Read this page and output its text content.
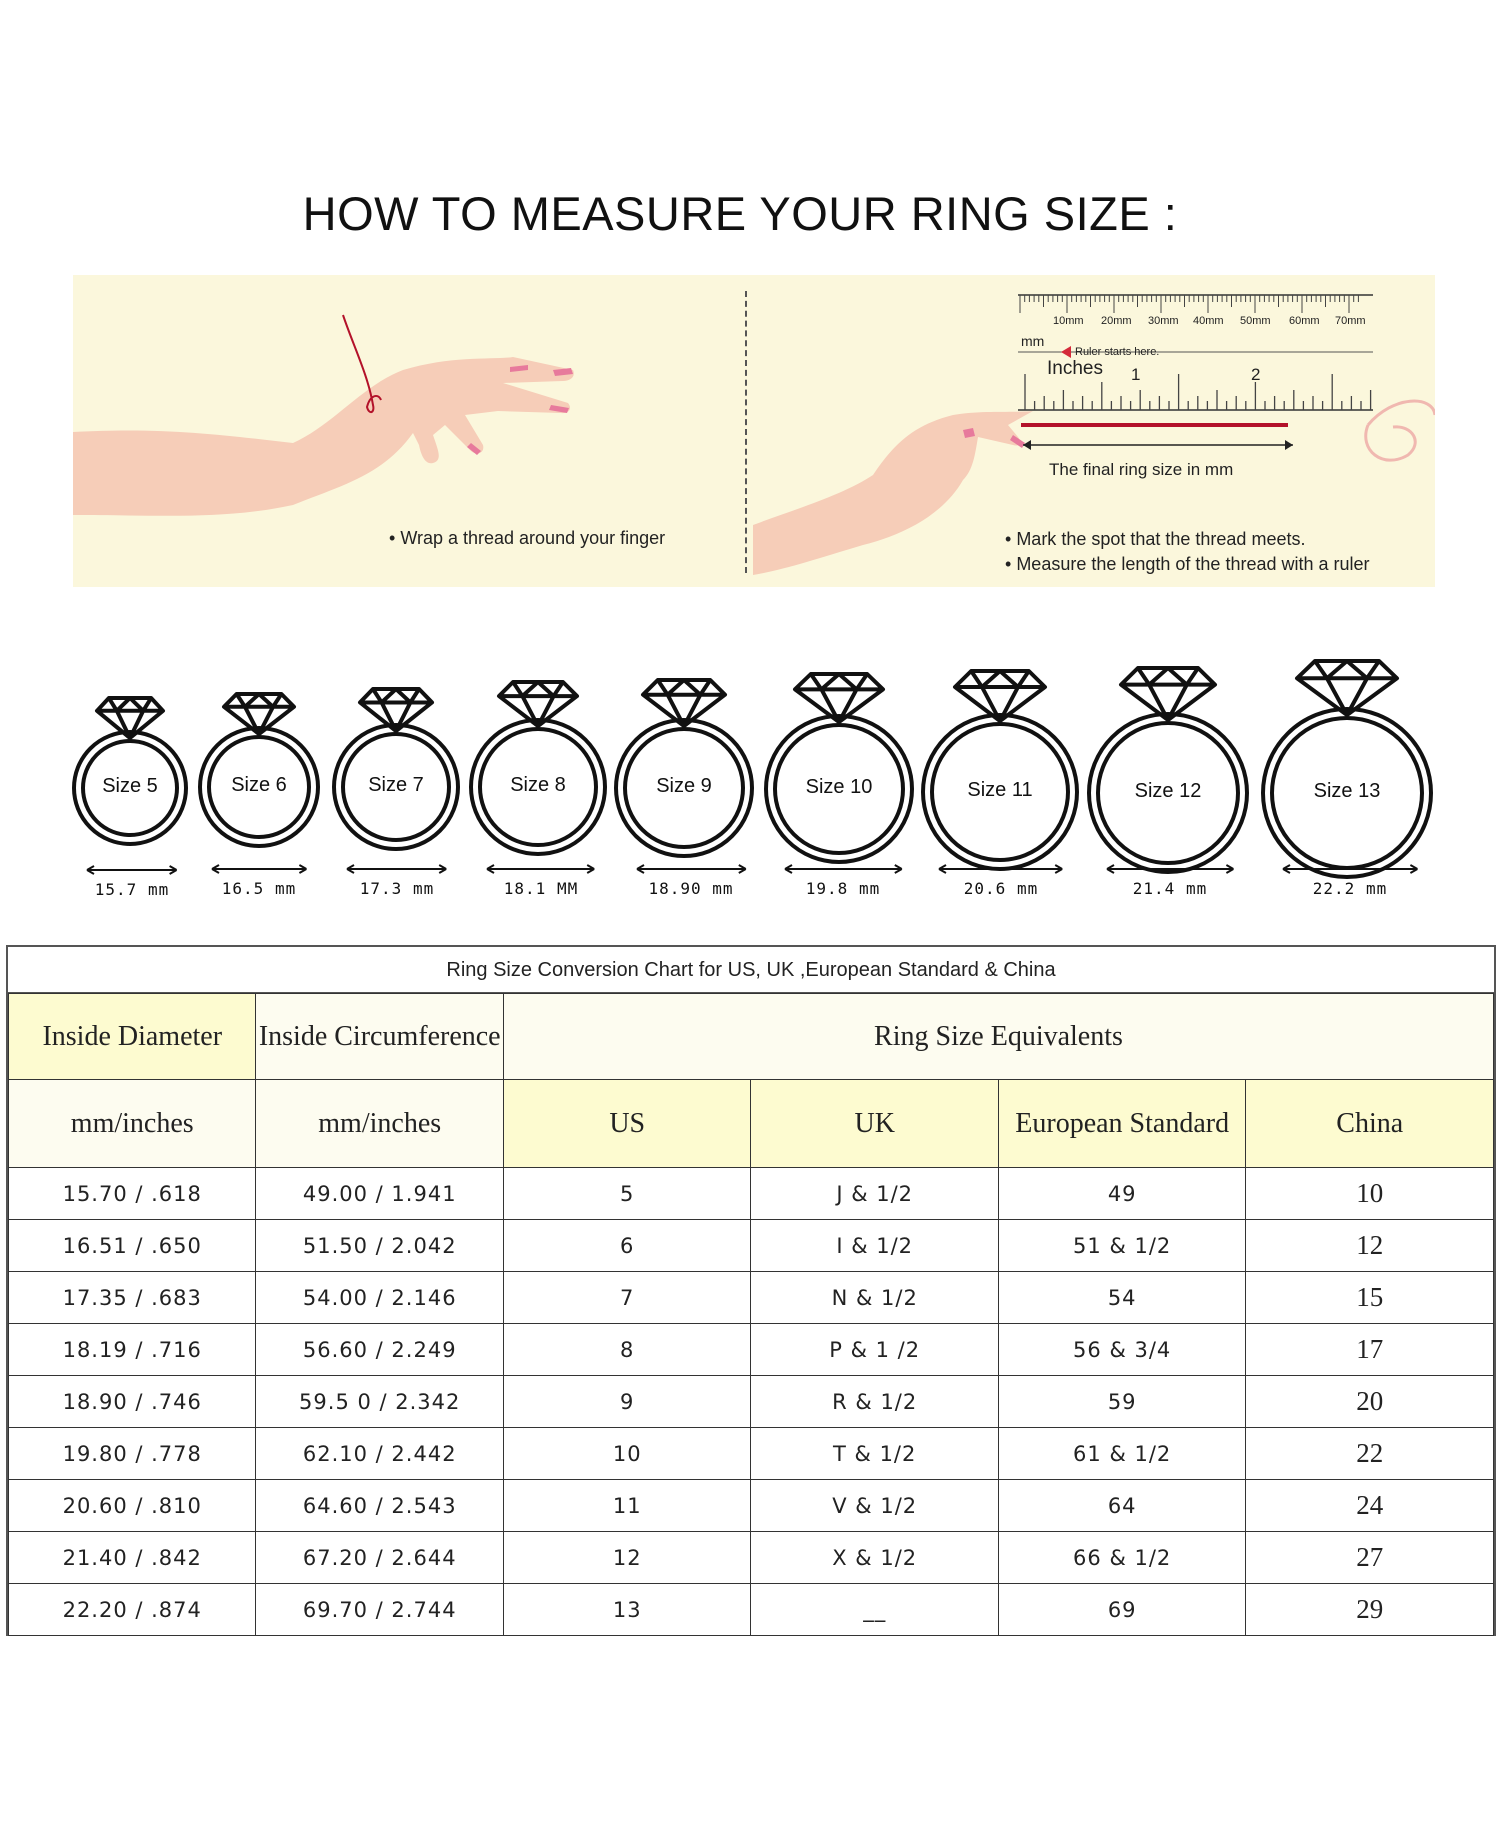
HOW TO MEASURE YOUR RING SIZE :
• Wrap a thread around your finger	• Mark the spot that the thread meets.
• Measure the length of the thread with a ruler
The final ring size in mm
10mm 20mm 30mm 40mm 50mm 60mm 70mm
mm
Ruler starts here.
Inches 1	2
Size 5
15.7 mm
Size 6
16.5 mm
Size 7
17.3 mm
Size 8
18.1 MM
Size 9
18.90 mm
Size 10
19.8 mm
Size 11
20.6 mm
Size 12
21.4 mm
Size 13
22.2 mm
Ring Size Conversion Chart for US, UK ,European Standard & China
Inside Diameter	Inside Circumference	Ring Size Equivalents			
mm/inches	mm/inches	US	UK	European Standard	China
15.70 / .618	49.00 / 1.941	5	J & 1/2	49	10
16.51 / .650	51.50 / 2.042	6	I & 1/2	51 & 1/2	12
17.35 / .683	54.00 / 2.146	7	N & 1/2	54	15
18.19 / .716	56.60 / 2.249	8	P & 1 /2	56 & 3/4	17
18.90 / .746	59.5 0 / 2.342	9	R & 1/2	59	20
19.80 / .778	62.10 / 2.442	10	T & 1/2	61 & 1/2	22
20.60 / .810	64.60 / 2.543	11	V & 1/2	64	24
21.40 / .842	67.20 / 2.644	12	X & 1/2	66 & 1/2	27
22.20 / .874	69.70 / 2.744	13	__	69	29
